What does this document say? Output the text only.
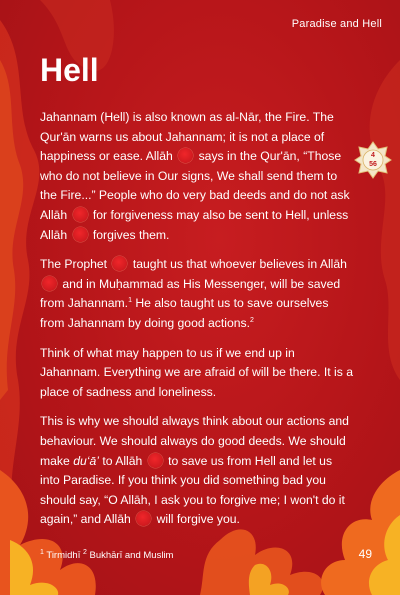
Paradise and Hell
Hell
4
56

Jahannam (Hell) is also known as al-Nār, the Fire. The Qur'ān warns us about Jahannam; it is not a place of happiness or ease. Allāh  says in the Qur'ān, “Those who do not believe in Our signs, We shall send them to the Fire...” People who do very bad deeds and do not ask Allāh  for forgiveness may also be sent to Hell, unless Allāh  forgives them.

The Prophet  taught us that whoever believes in Allāh  and in Muḥammad as His Messenger, will be saved from Jahannam.$^1$ He also taught us to save ourselves from Jahannam by doing good actions.$^2$

Think of what may happen to us if we end up in Jahannam. Everything we are afraid of will be there. It is a place of sadness and loneliness.

This is why we should always think about our actions and behaviour. We should always do good deeds. We should make du‘ā’ to Allāh  to save us from Hell and let us into Paradise. If you think you did something bad you should say, “O Allāh, I ask you to forgive me; I won't do it again,” and Allāh  will forgive you.

$^1$ Tirmidhī $^2$ Bukhārī and Muslim	49
